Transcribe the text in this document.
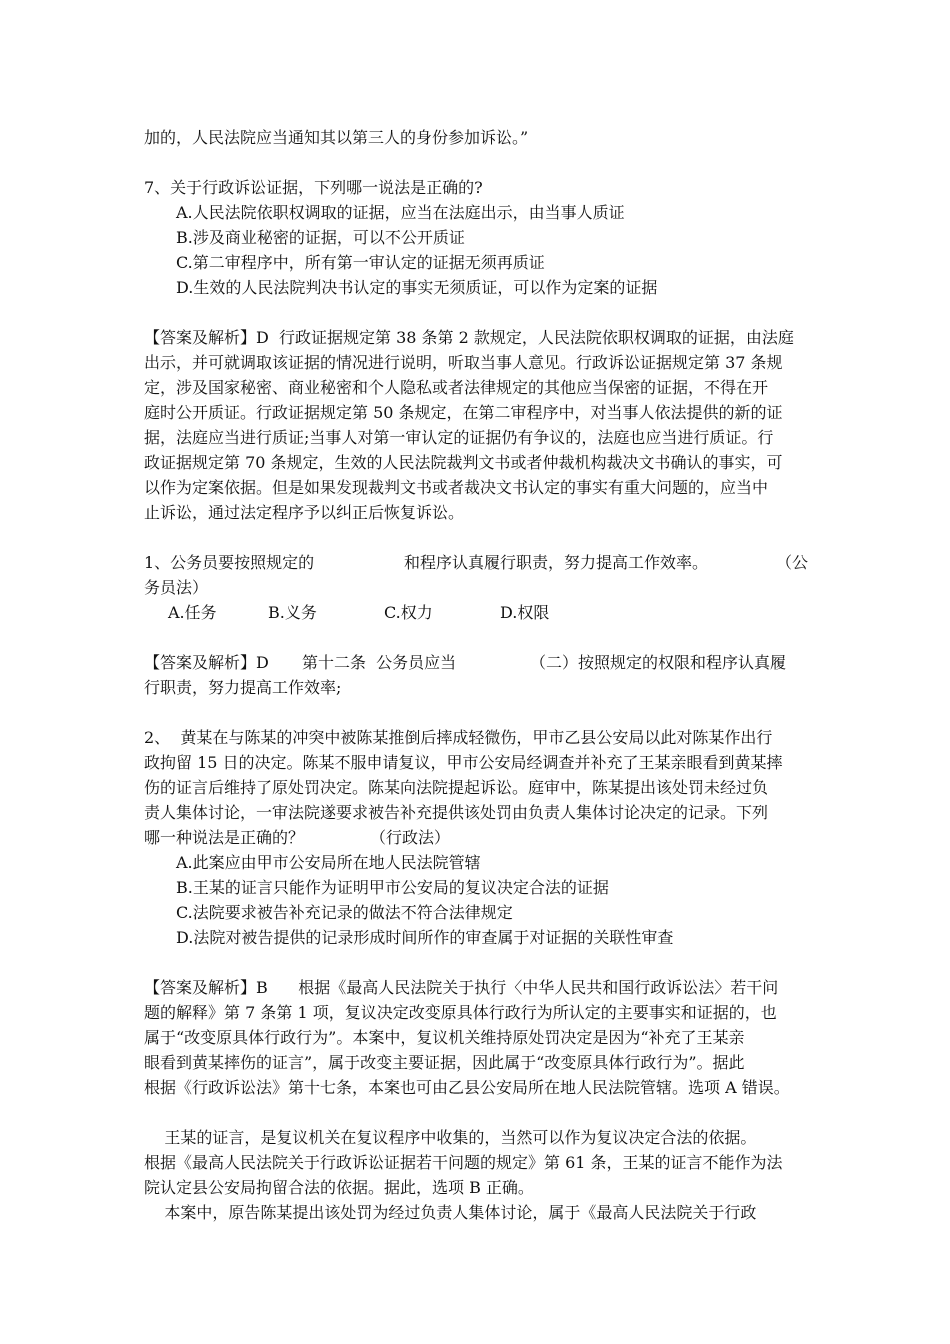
加的，人民法院应当通知其以第三人的身份参加诉讼。”
7、关于行政诉讼证据，下列哪一说法是正确的?
A.人民法院依职权调取的证据，应当在法庭出示，由当事人质证
B.涉及商业秘密的证据，可以不公开质证
C.第二审程序中，所有第一审认定的证据无须再质证
D.生效的人民法院判决书认定的事实无须质证，可以作为定案的证据
【答案及解析】D  行政证据规定第 38 条第 2 款规定，人民法院依职权调取的证据，由法庭
出示，并可就调取该证据的情况进行说明，听取当事人意见。行政诉讼证据规定第 37 条规
定，涉及国家秘密、商业秘密和个人隐私或者法律规定的其他应当保密的证据，不得在开
庭时公开质证。行政证据规定第 50 条规定，在第二审程序中，对当事人依法提供的新的证
据，法庭应当进行质证;当事人对第一审认定的证据仍有争议的，法庭也应当进行质证。行
政证据规定第 70 条规定，生效的人民法院裁判文书或者仲裁机构裁决文书确认的事实，可
以作为定案依据。但是如果发现裁判文书或者裁决文书认定的事实有重大问题的，应当中
止诉讼，通过法定程序予以纠正后恢复诉讼。
1、公务员要按照规定的	和程序认真履行职责，努力提高工作效率。	（公
务员法）
A.任务	B.义务	C.权力	D.权限
【答案及解析】D 第十二条  公务员应当	（二）按照规定的权限和程序认真履
行职责，努力提高工作效率;
2、  黄某在与陈某的冲突中被陈某推倒后摔成轻微伤，甲市乙县公安局以此对陈某作出行
政拘留 15 日的决定。陈某不服申请复议，甲市公安局经调查并补充了王某亲眼看到黄某摔
伤的证言后维持了原处罚决定。陈某向法院提起诉讼。庭审中，陈某提出该处罚未经过负
责人集体讨论，一审法院遂要求被告补充提供该处罚由负责人集体讨论决定的记录。下列
哪一种说法是正确的？	（行政法）
A.此案应由甲市公安局所在地人民法院管辖
B.王某的证言只能作为证明甲市公安局的复议决定合法的证据
C.法院要求被告补充记录的做法不符合法律规定
D.法院对被告提供的记录形成时间所作的审查属于对证据的关联性审查
【答案及解析】B      根据《最高人民法院关于执行〈中华人民共和国行政诉讼法〉若干问
题的解释》第 7 条第 1 项，复议决定改变原具体行政行为所认定的主要事实和证据的，也
属于“改变原具体行政行为”。本案中，复议机关维持原处罚决定是因为“补充了王某亲
眼看到黄某摔伤的证言”，属于改变主要证据，因此属于“改变原具体行政行为”。据此
根据《行政诉讼法》第十七条，本案也可由乙县公安局所在地人民法院管辖。选项 A 错误。
王某的证言，是复议机关在复议程序中收集的，当然可以作为复议决定合法的依据。
根据《最高人民法院关于行政诉讼证据若干问题的规定》第 61 条，王某的证言不能作为法
院认定县公安局拘留合法的依据。据此，选项 B 正确。
本案中，原告陈某提出该处罚为经过负责人集体讨论，属于《最高人民法院关于行政
